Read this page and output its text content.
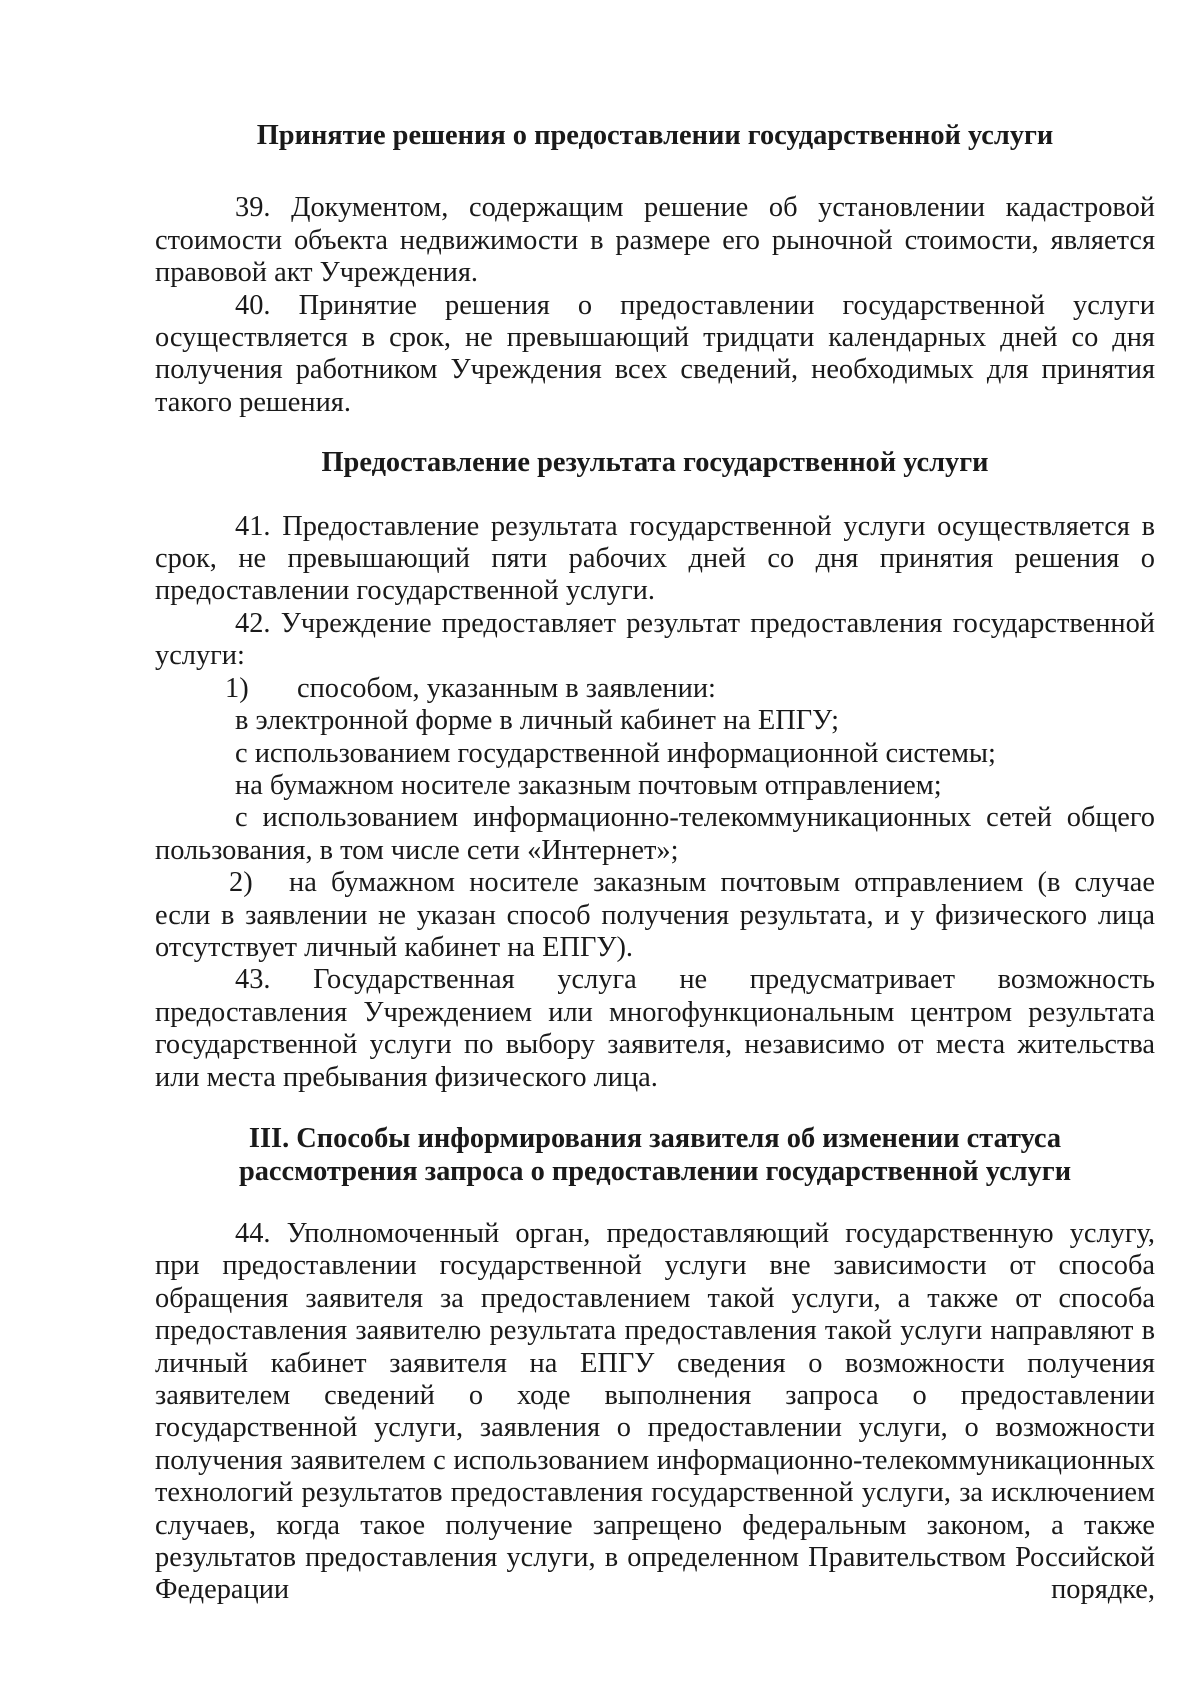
Принятие решения о предоставлении государственной услуги

39. Документом, содержащим решение об установлении кадастровой стоимости объекта недвижимости в размере его рыночной стоимости, является правовой акт Учреждения.

40. Принятие решения о предоставлении государственной услуги осуществляется в срок, не превышающий тридцати календарных дней со дня получения работником Учреждения всех сведений, необходимых для принятия такого решения.

Предоставление результата государственной услуги

41. Предоставление результата государственной услуги осуществляется в срок, не превышающий пяти рабочих дней со дня принятия решения о предоставлении государственной услуги.

42. Учреждение предоставляет результат предоставления государственной услуги:

1) способом, указанным в заявлении:

в электронной форме в личный кабинет на ЕПГУ;

с использованием государственной информационной системы;

на бумажном носителе заказным почтовым отправлением;

с использованием информационно-телекоммуникационных сетей общего пользования, в том числе сети «Интернет»;

2) на бумажном носителе заказным почтовым отправлением (в случае если в заявлении не указан способ получения результата, и у физического лица отсутствует личный кабинет на ЕПГУ).

43. Государственная услуга не предусматривает возможность предоставления Учреждением или многофункциональным центром результата государственной услуги по выбору заявителя, независимо от места жительства или места пребывания физического лица.

III. Способы информирования заявителя об изменении статуса
рассмотрения запроса о предоставлении государственной услуги

44. Уполномоченный орган, предоставляющий государственную услугу, при предоставлении государственной услуги вне зависимости от способа обращения заявителя за предоставлением такой услуги, а также от способа предоставления заявителю результата предоставления такой услуги направляют в личный кабинет заявителя на ЕПГУ сведения о возможности получения заявителем сведений о ходе выполнения запроса о предоставлении государственной услуги, заявления о предоставлении услуги, о возможности получения заявителем с использованием информационно-телекоммуникационных технологий результатов предоставления государственной услуги, за исключением случаев, когда такое получение запрещено федеральным законом, а также результатов предоставления услуги, в определенном Правительством Российской Федерации порядке,
